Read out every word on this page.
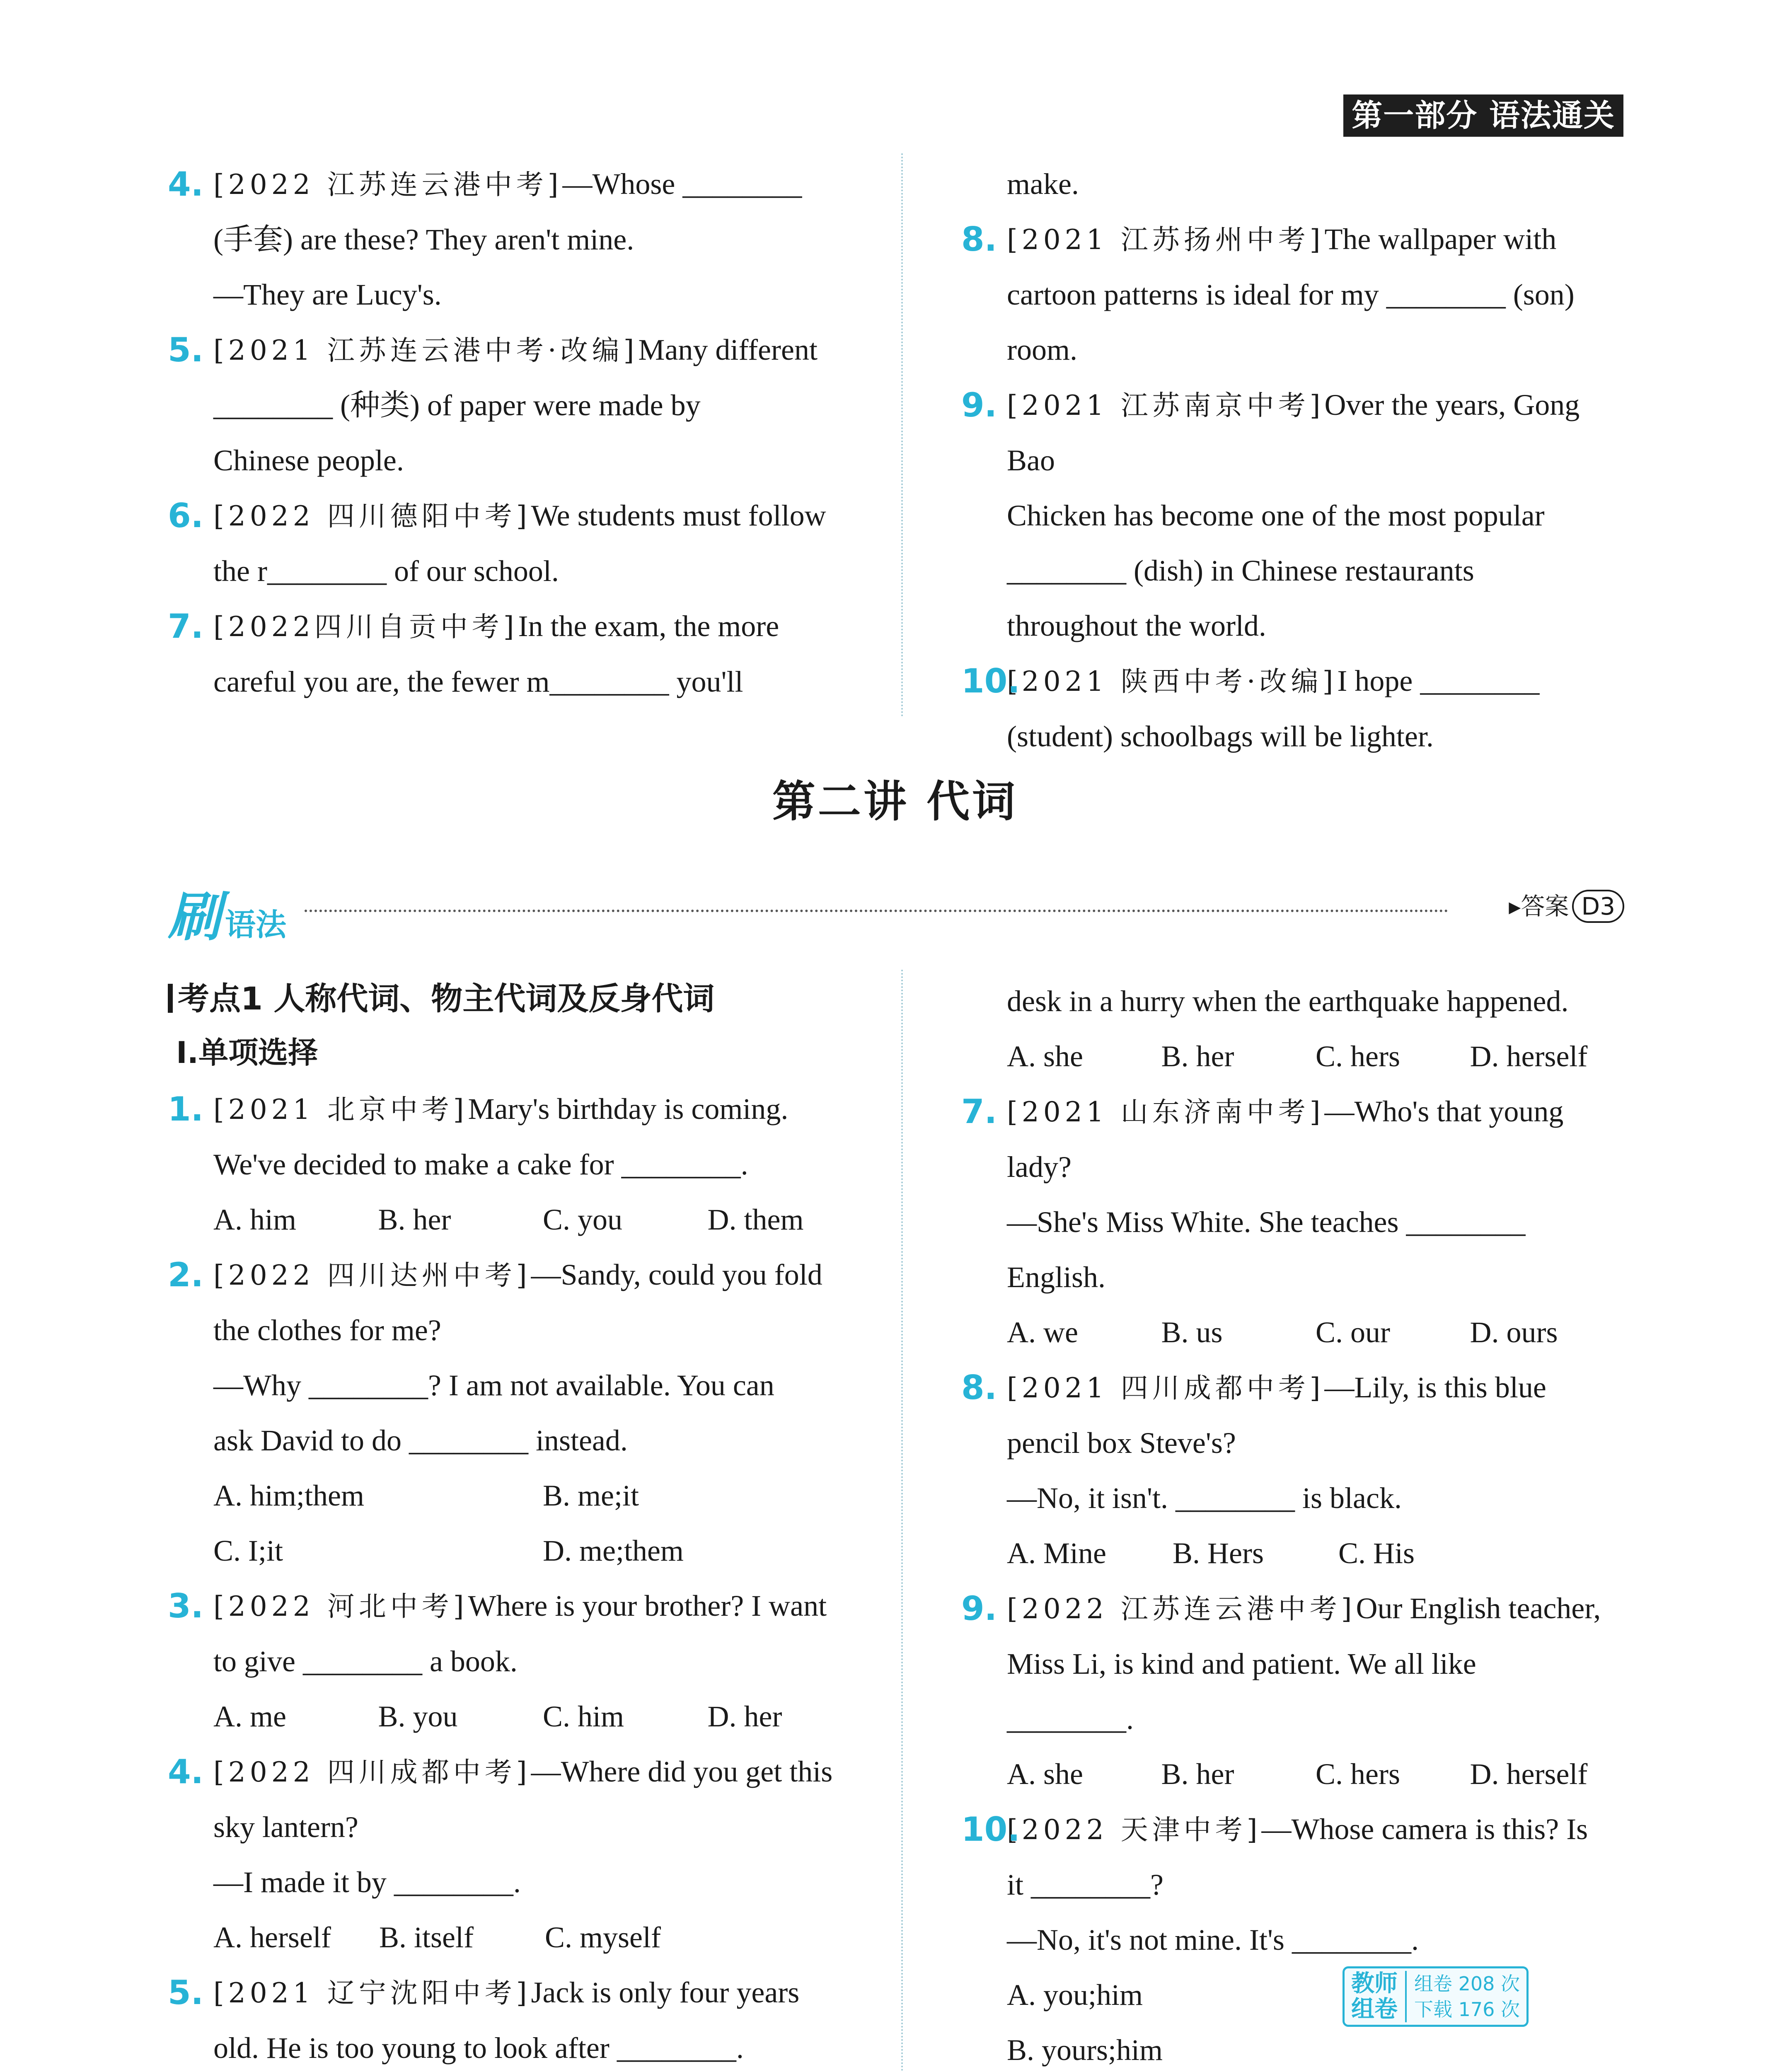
第一部分 语法通关
4. [2022 江苏连云港中考]—Whose ________
(手套) are these? They aren't mine.
—They are Lucy's.
5. [2021 江苏连云港中考·改编]Many different
________ (种类) of paper were made by
Chinese people.
6. [2022 四川德阳中考]We students must follow
the r________ of our school.
7. [2022四川自贡中考]In the exam, the more
careful you are, the fewer m________ you'll
make.
8. [2021 江苏扬州中考]The wallpaper with
cartoon patterns is ideal for my ________ (son)
room.
9. [2021 江苏南京中考]Over the years, Gong Bao
Chicken has become one of the most popular
________ (dish) in Chinese restaurants
throughout the world.
10.
[2021 陕西中考·改编]I hope ________
(student) schoolbags will be lighter.
第二讲 代词
刷语法
▸答案 D3
考点1 人称代词、物主代词及反身代词
Ⅰ.单项选择
1. [2021 北京中考]Mary's birthday is coming.
We've decided to make a cake for ________.
A. him	B. her	C. you	D. them
2. [2022 四川达州中考]—Sandy, could you fold
the clothes for me?
—Why ________? I am not available. You can
ask David to do ________ instead.
A. him;them	B. me;it
C. I;it	D. me;them
3. [2022 河北中考]Where is your brother? I want
to give ________ a book.
A. me	B. you	C. him	D. her
4. [2022 四川成都中考]—Where did you get this
sky lantern?
—I made it by ________.
A. herself	B. itself	C. myself
5. [2021 辽宁沈阳中考]Jack is only four years
old. He is too young to look after ________.
desk in a hurry when the earthquake happened.
A. she	B. her	C. hers	D. herself
7. [2021 山东济南中考]—Who's that young lady?
—She's Miss White. She teaches ________
English.
A. we	B. us	C. our	D. ours
8. [2021 四川成都中考]—Lily, is this blue
pencil box Steve's?
—No, it isn't. ________ is black.
A. Mine	B. Hers	C. His
9. [2022 江苏连云港中考]Our English teacher,
Miss Li, is kind and patient. We all like
________.
A. she	B. her	C. hers	D. herself
10.
[2022 天津中考]—Whose camera is this? Is
it ________?
—No, it's not mine. It's ________.
A. you;him
B. yours;him
教师
组卷
组卷 208 次
下载 176 次
